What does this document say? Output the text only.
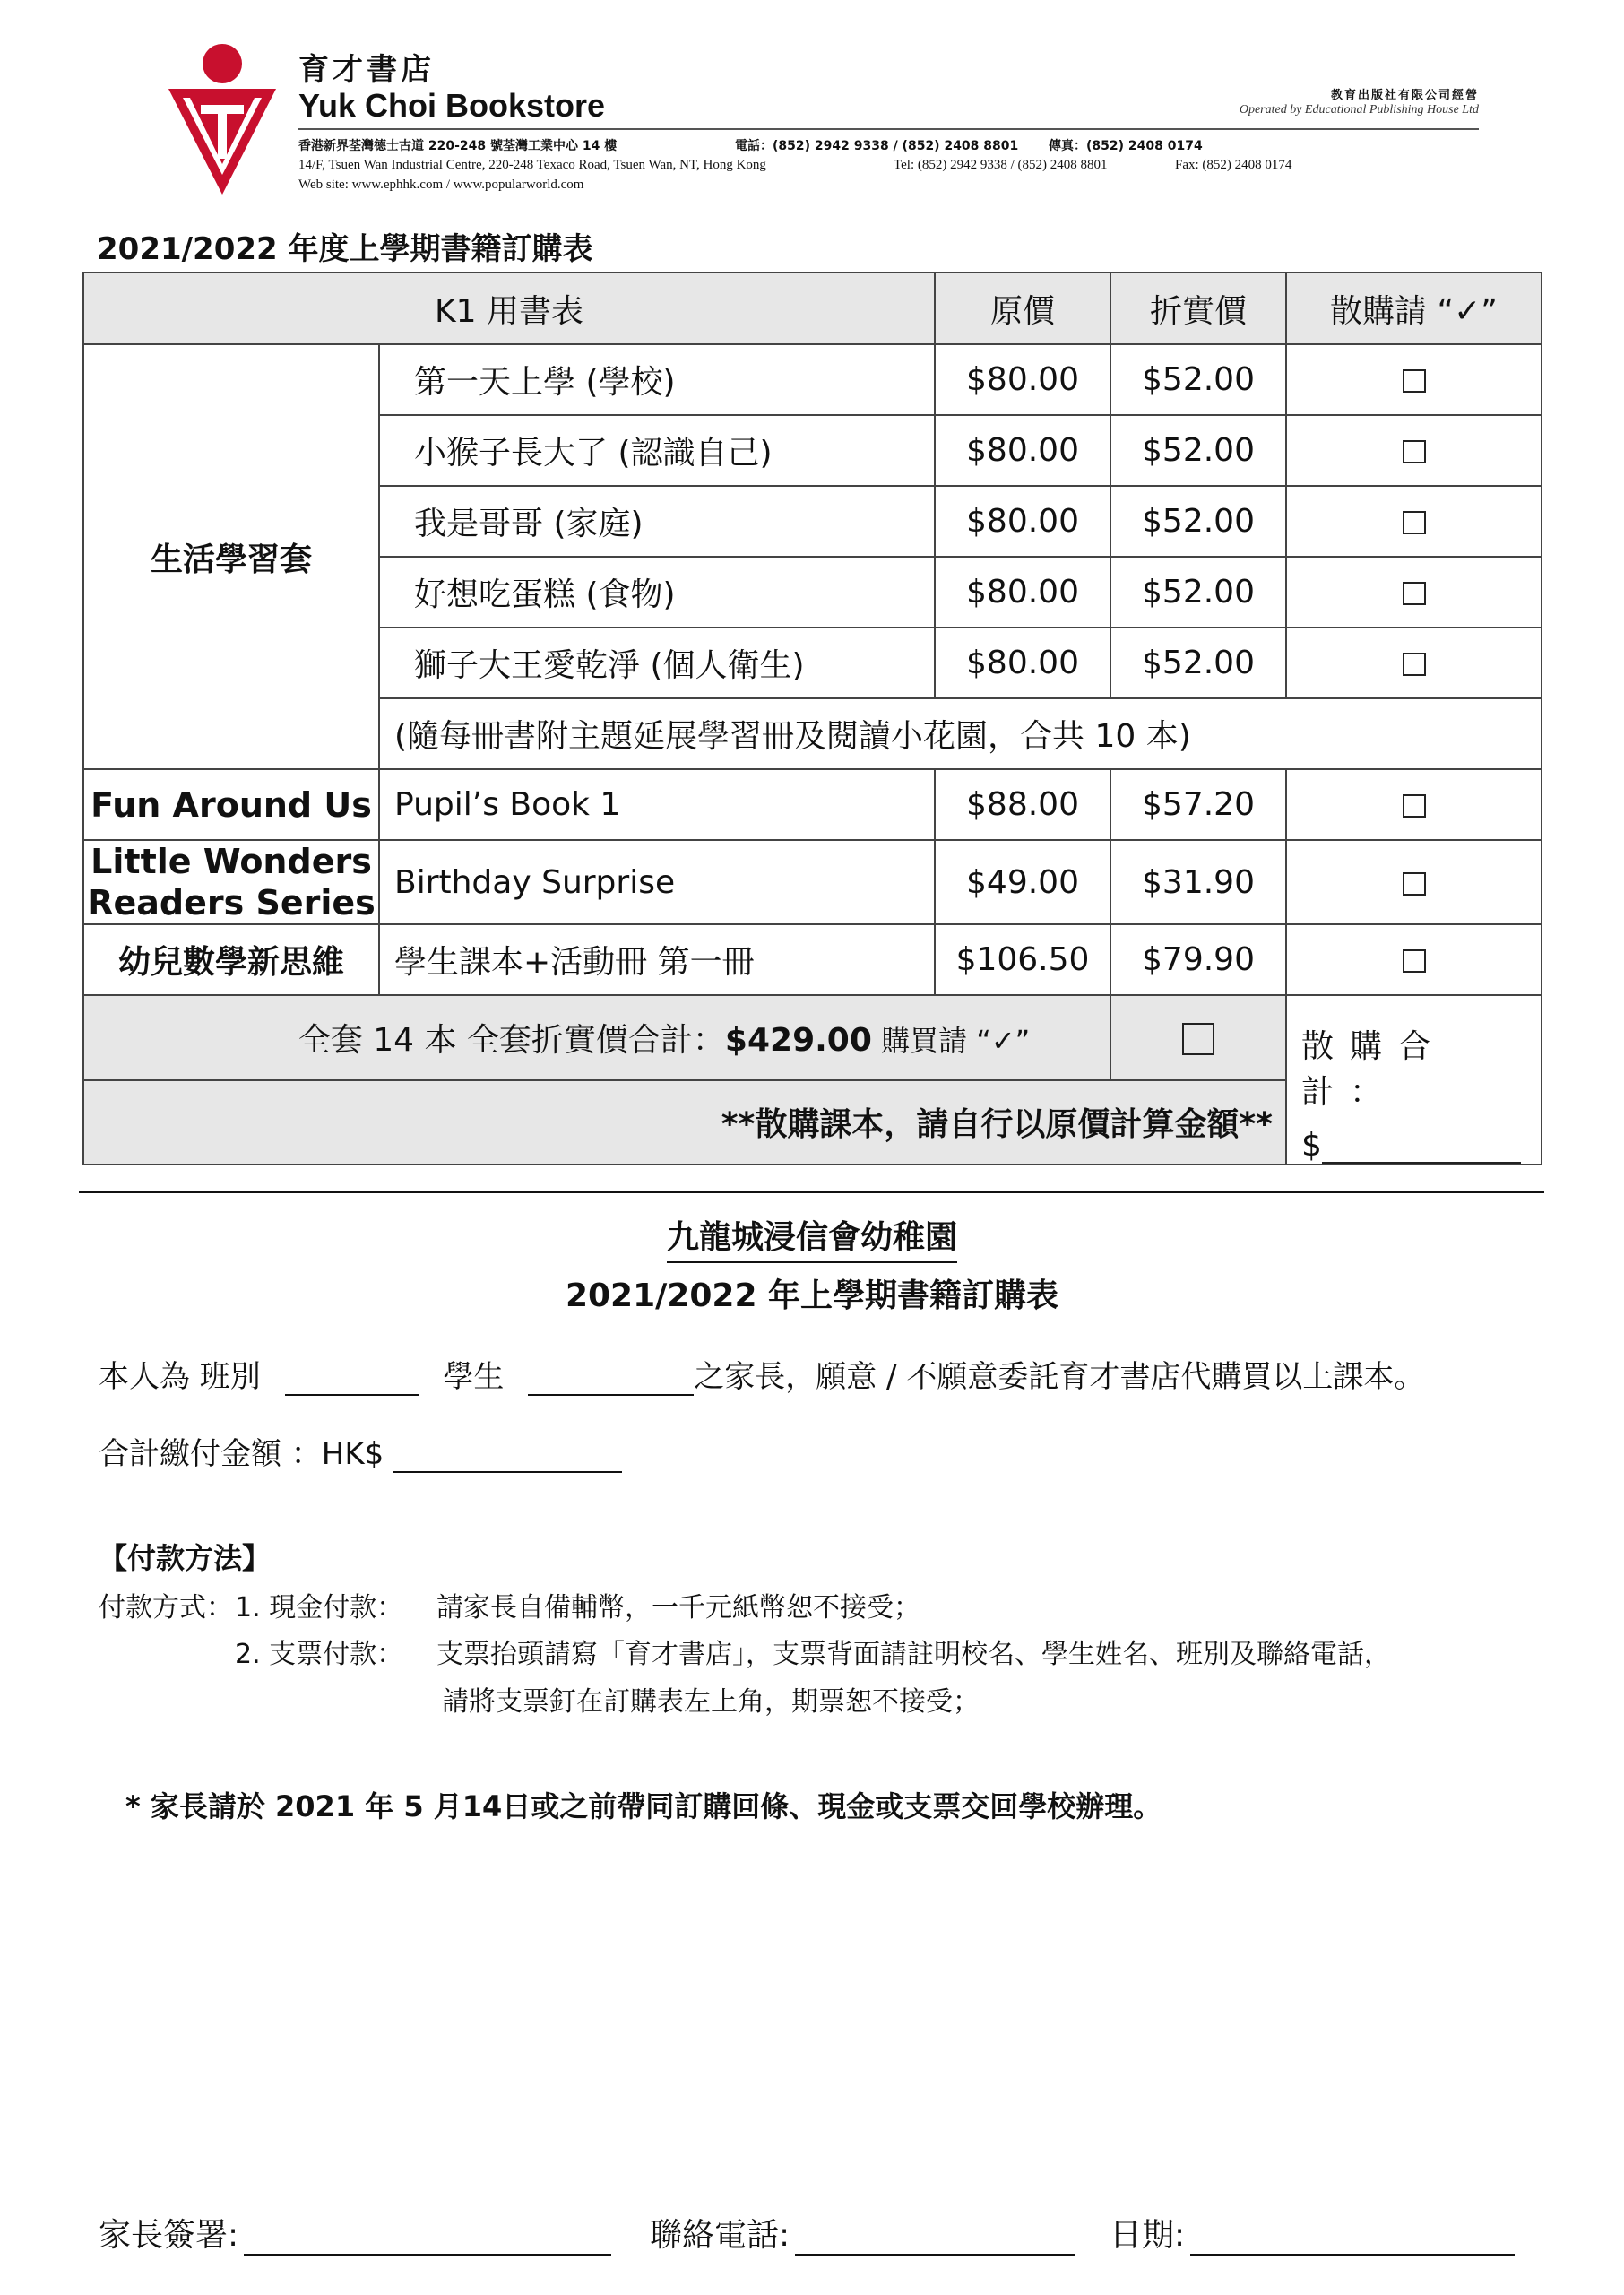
育才書店
Yuk Choi Bookstore	教育出版社有限公司經營
Operated by Educational Publishing House Ltd
香港新界荃灣德士古道 220-248 號荃灣工業中心 14 樓	電話：(852) 2942 9338 / (852) 2408 8801 傳真：(852) 2408 0174
14/F, Tsuen Wan Industrial Centre, 220-248 Texaco Road, Tsuen Wan, NT, Hong Kong	Tel: (852) 2942 9338 / (852) 2408 8801	Fax: (852) 2408 0174
Web site: www.ephhk.com / www.popularworld.com
2021/2022 年度上學期書籍訂購表
K1 用書表		原價	折實價	散購請 “✓”
生活學習套	第一天上學 (學校)	$80.00	$52.00	
	小猴子長大了 (認識自己)	$80.00	$52.00	
	我是哥哥 (家庭)	$80.00	$52.00	
	好想吃蛋糕 (食物)	$80.00	$52.00	
	獅子大王愛乾淨 (個人衛生)	$80.00	$52.00	
	(隨每冊書附主題延展學習冊及閱讀小花園，合共 10 本)			
Fun Around Us	Pupil’s Book 1	$88.00	$57.20	
Little Wonders Readers Series	Birthday Surprise	$49.00	$31.90	
幼兒數學新思維	學生課本+活動冊 第一冊	$106.50	$79.90	
全套 14 本 全套折實價合計：$429.00 購買請 “✓”				散購合計：
$

**散購課本，請自行以原價計算金額**				
九龍城浸信會幼稚園
2021/2022 年上學期書籍訂購表
本人為 班別	學生	之家長，願意 / 不願意委託育才書店代購買以上課本。
合計繳付金額 ：HK$
【付款方法】
付款方式： 1. 現金付款： 請家長自備輔幣，一千元紙幣恕不接受；
2. 支票付款： 支票抬頭請寫「育才書店」，支票背面請註明校名、學生姓名、班別及聯絡電話，
請將支票釘在訂購表左上角，期票恕不接受；
* 家長請於 2021 年 5 月14日或之前帶同訂購回條、現金或支票交回學校辦理。
家長簽署:	聯絡電話:	日期:
